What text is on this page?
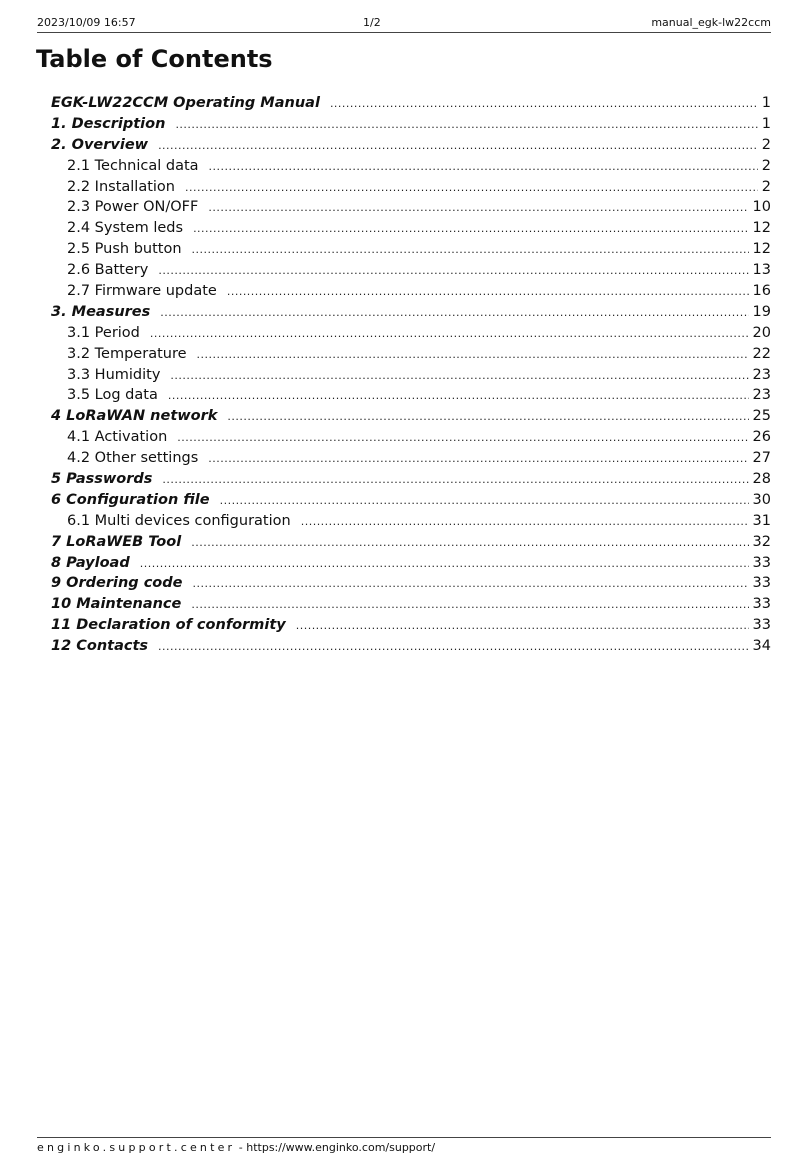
2023/10/09 16:57	1/2	manual_egk-lw22ccm
Table of Contents
EGK-LW22CCM Operating Manual .....	1
1. Description .....	1
2. Overview .....	2
2.1 Technical data .....	2
2.2 Installation .....	2
2.3 Power ON/OFF .....	10
2.4 System leds .....	12
2.5 Push button .....	12
2.6 Battery .....	13
2.7 Firmware update .....	16
3. Measures .....	19
3.1 Period .....	20
3.2 Temperature .....	22
3.3 Humidity .....	23
3.5 Log data .....	23
4 LoRaWAN network .....	25
4.1 Activation .....	26
4.2 Other settings .....	27
5 Passwords .....	28
6 Configuration file .....	30
6.1 Multi devices configuration .....	31
7 LoRaWEB Tool .....	32
8 Payload .....	33
9 Ordering code .....	33
10 Maintenance .....	33
11 Declaration of conformity .....	33
12 Contacts .....	34
enginko.support.center - https://www.enginko.com/support/
